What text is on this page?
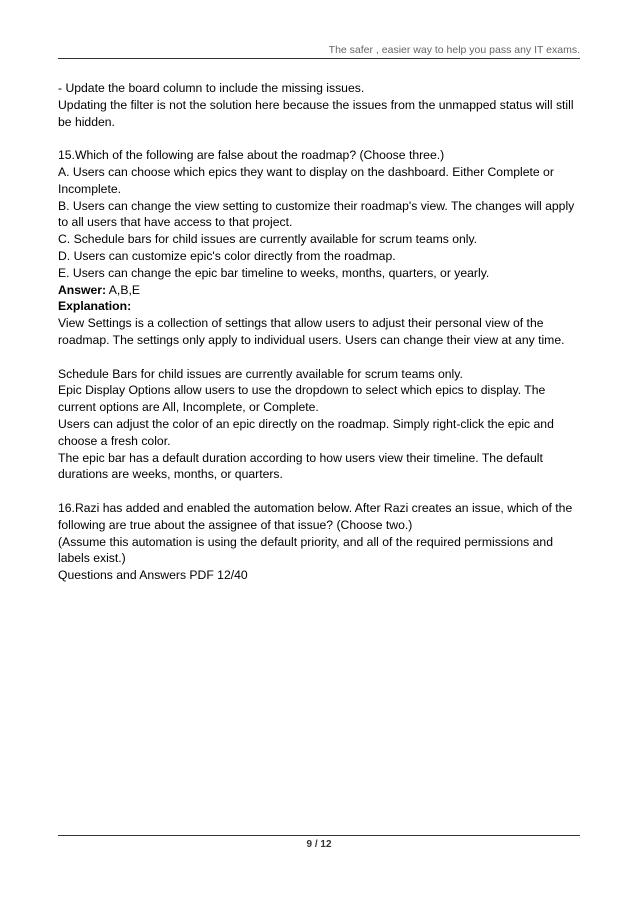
The safer , easier way to help you pass any IT exams.

- Update the board column to include the missing issues.

Updating the filter is not the solution here because the issues from the unmapped status will still be hidden.

15.Which of the following are false about the roadmap? (Choose three.)

A. Users can choose which epics they want to display on the dashboard. Either Complete or Incomplete.

B. Users can change the view setting to customize their roadmap's view. The changes will apply to all users that have access to that project.

C. Schedule bars for child issues are currently available for scrum teams only.

D. Users can customize epic's color directly from the roadmap.

E. Users can change the epic bar timeline to weeks, months, quarters, or yearly.

Answer: A,B,E

Explanation:

View Settings is a collection of settings that allow users to adjust their personal view of the roadmap. The settings only apply to individual users. Users can change their view at any time.

Schedule Bars for child issues are currently available for scrum teams only.

Epic Display Options allow users to use the dropdown to select which epics to display. The current options are All, Incomplete, or Complete.

Users can adjust the color of an epic directly on the roadmap. Simply right-click the epic and choose a fresh color.

The epic bar has a default duration according to how users view their timeline. The default durations are weeks, months, or quarters.

16.Razi has added and enabled the automation below. After Razi creates an issue, which of the following are true about the assignee of that issue? (Choose two.)

(Assume this automation is using the default priority, and all of the required permissions and labels exist.)

Questions and Answers PDF 12/40

9 / 12
